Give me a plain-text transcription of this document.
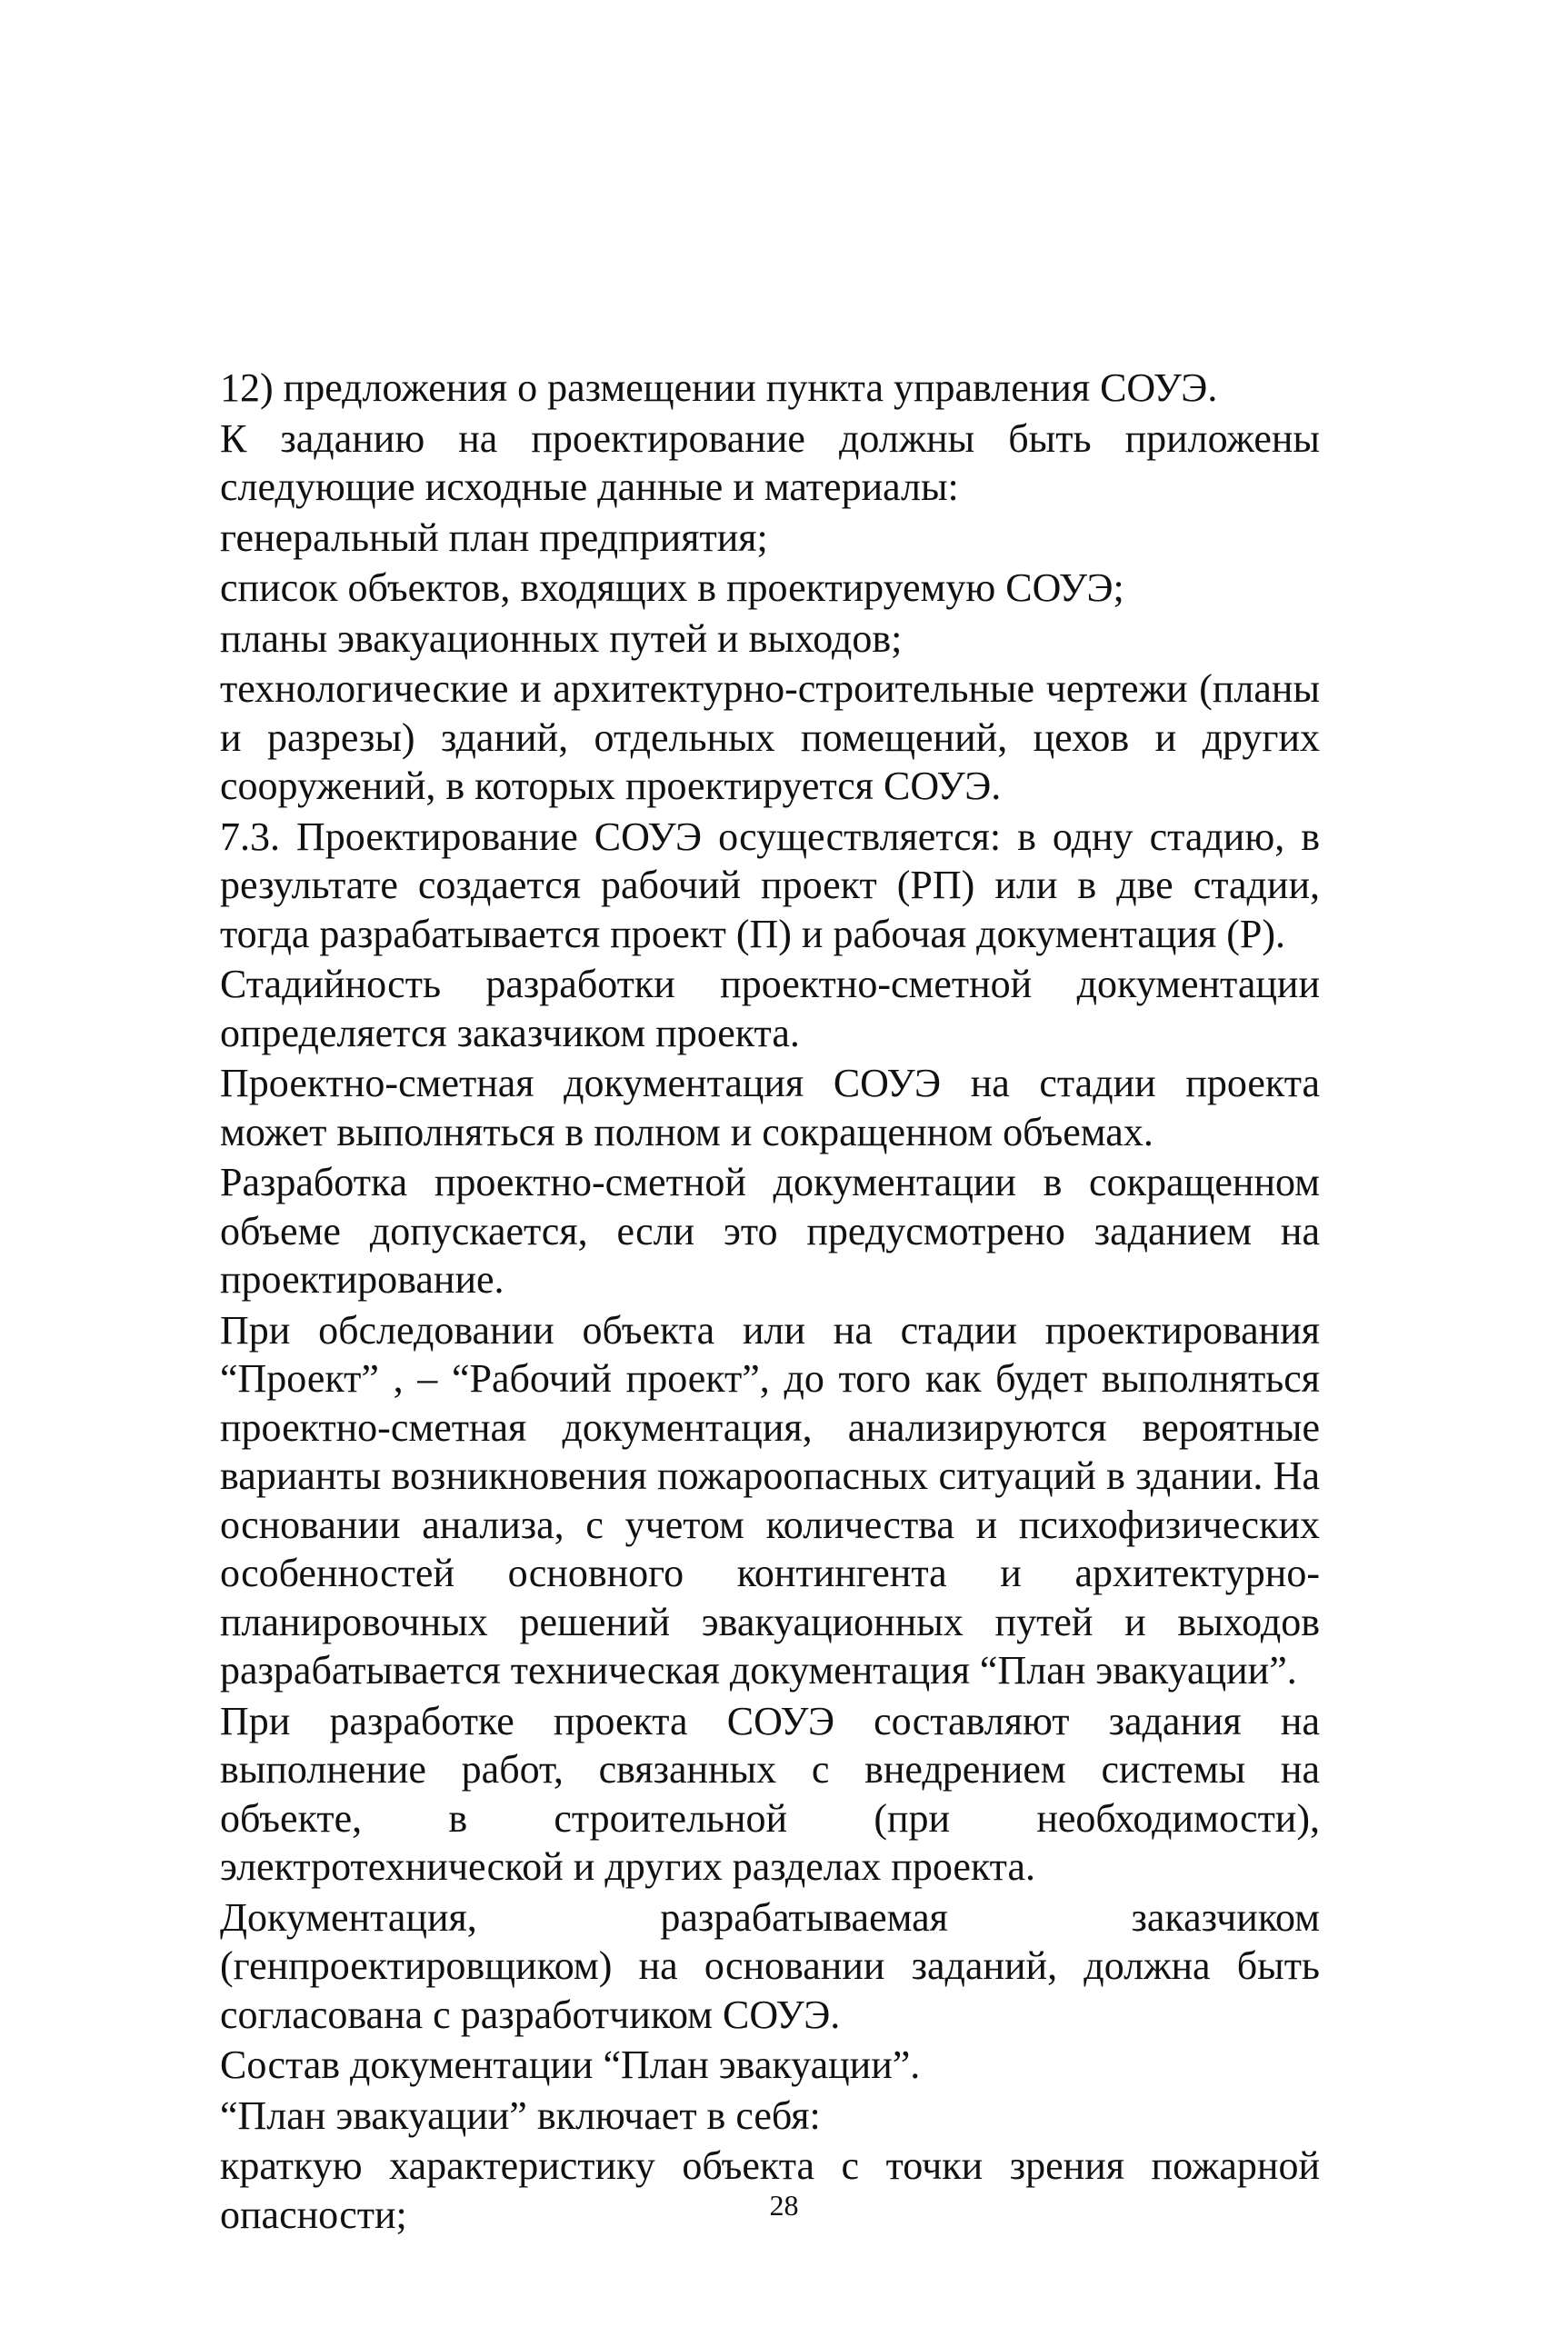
12) предложения о размещении пункта управления СОУЭ.

К заданию на проектирование должны быть приложены следующие исходные данные и материалы:

генеральный план предприятия;

список объектов, входящих в проектируемую СОУЭ;

планы эвакуационных путей и выходов;

технологические и архитектурно-строительные чертежи (планы и разрезы) зданий, отдельных помещений, цехов и других сооружений, в которых проектируется СОУЭ.

7.3. Проектирование СОУЭ осуществляется: в одну стадию, в результате создается рабочий проект (РП) или в две стадии, тогда разрабатывается проект (П) и рабочая документация (Р).

Стадийность разработки проектно-сметной документации определяется заказчиком проекта.

Проектно-сметная документация СОУЭ на стадии проекта может выполняться в полном и сокращенном объемах.

Разработка проектно-сметной документации в сокращенном объеме допускается, если это предусмотрено заданием на проектирование.

При обследовании объекта или на стадии проектирования “Проект” , – “Рабочий проект”, до того как будет выполняться проектно-сметная документация, анализируются вероятные варианты возникновения пожароопасных ситуаций в здании. На основании анализа, с учетом количества и психофизических особенностей основного контингента и архитектурно-планировочных решений эвакуационных путей и выходов разрабатывается техническая документация “План эвакуации”.

При разработке проекта СОУЭ составляют задания на выполнение работ, связанных с внедрением системы на объекте, в строительной (при необходимости), электротехнической и других разделах проекта.

Документация, разрабатываемая заказчиком (генпроектировщиком) на основании заданий, должна быть согласована с разработчиком СОУЭ.

Состав документации “План эвакуации”.

“План эвакуации” включает в себя:

краткую характеристику объекта с точки зрения пожарной опасности;	28
